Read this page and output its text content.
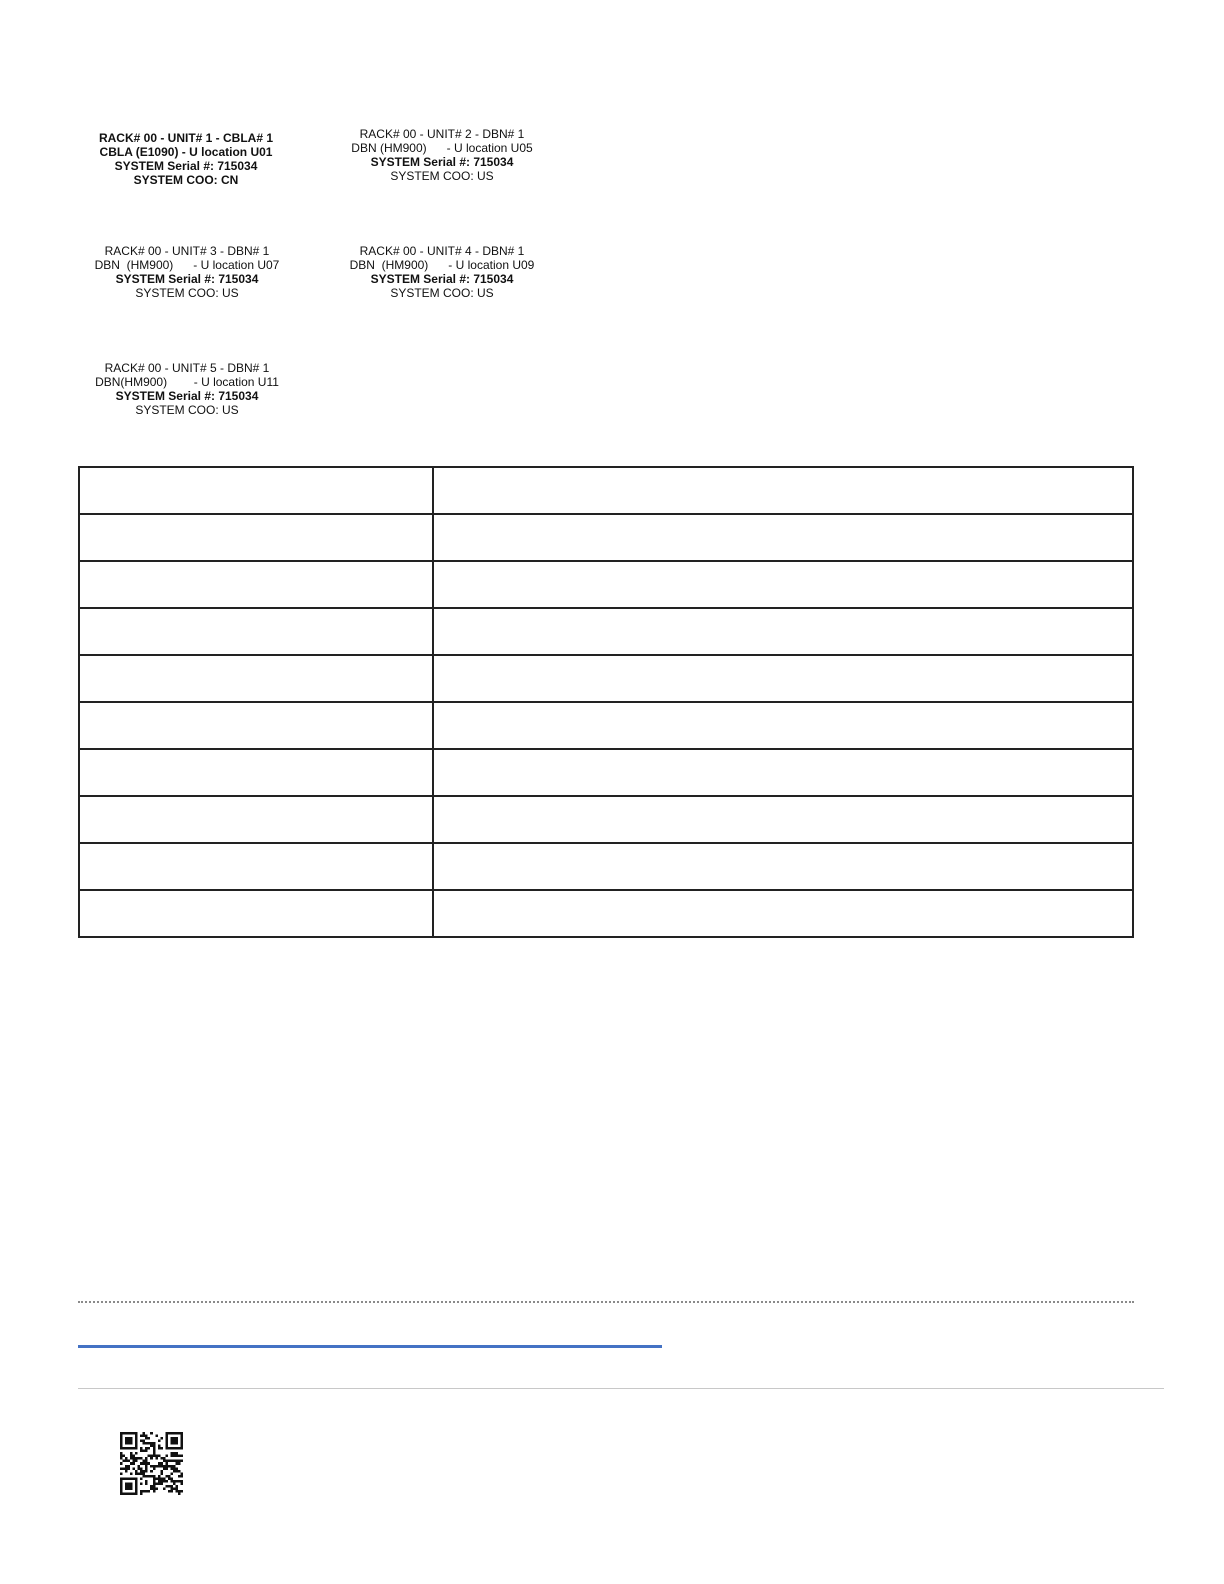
RACK# 00 - UNIT# 1 - CBLA# 1
CBLA (E1090) - U location U01
SYSTEM Serial #: 715034
SYSTEM COO: CN
RACK# 00 - UNIT# 2 - DBN# 1
DBN (HM900)      - U location U05
SYSTEM Serial #: 715034
SYSTEM COO: US
RACK# 00 - UNIT# 3 - DBN# 1
DBN  (HM900)      - U location U07
SYSTEM Serial #: 715034
SYSTEM COO: US
RACK# 00 - UNIT# 4 - DBN# 1
DBN  (HM900)      - U location U09
SYSTEM Serial #: 715034
SYSTEM COO: US
RACK# 00 - UNIT# 5 - DBN# 1
DBN(HM900)        - U location U11
SYSTEM Serial #: 715034
SYSTEM COO: US
